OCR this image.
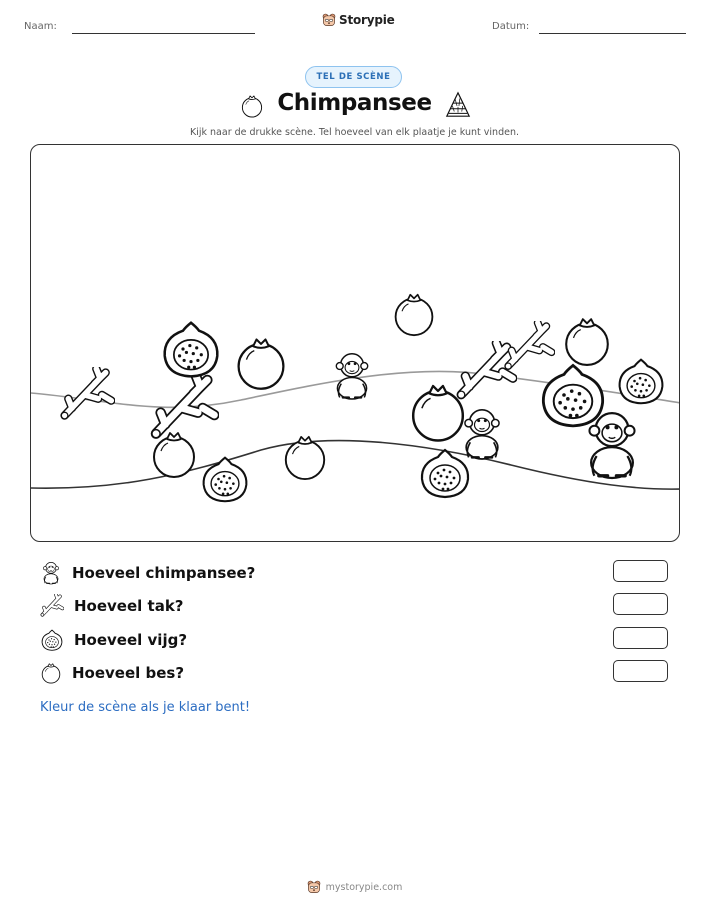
Naam:	Storypie	Datum:
TEL DE SCÈNE
Chimpansee
Kijk naar de drukke scène. Tel hoeveel van elk plaatje je kunt vinden.
Hoeveel chimpansee?
Hoeveel tak?
Hoeveel vijg?
Hoeveel bes?
Kleur de scène als je klaar bent!
mystorypie.com
